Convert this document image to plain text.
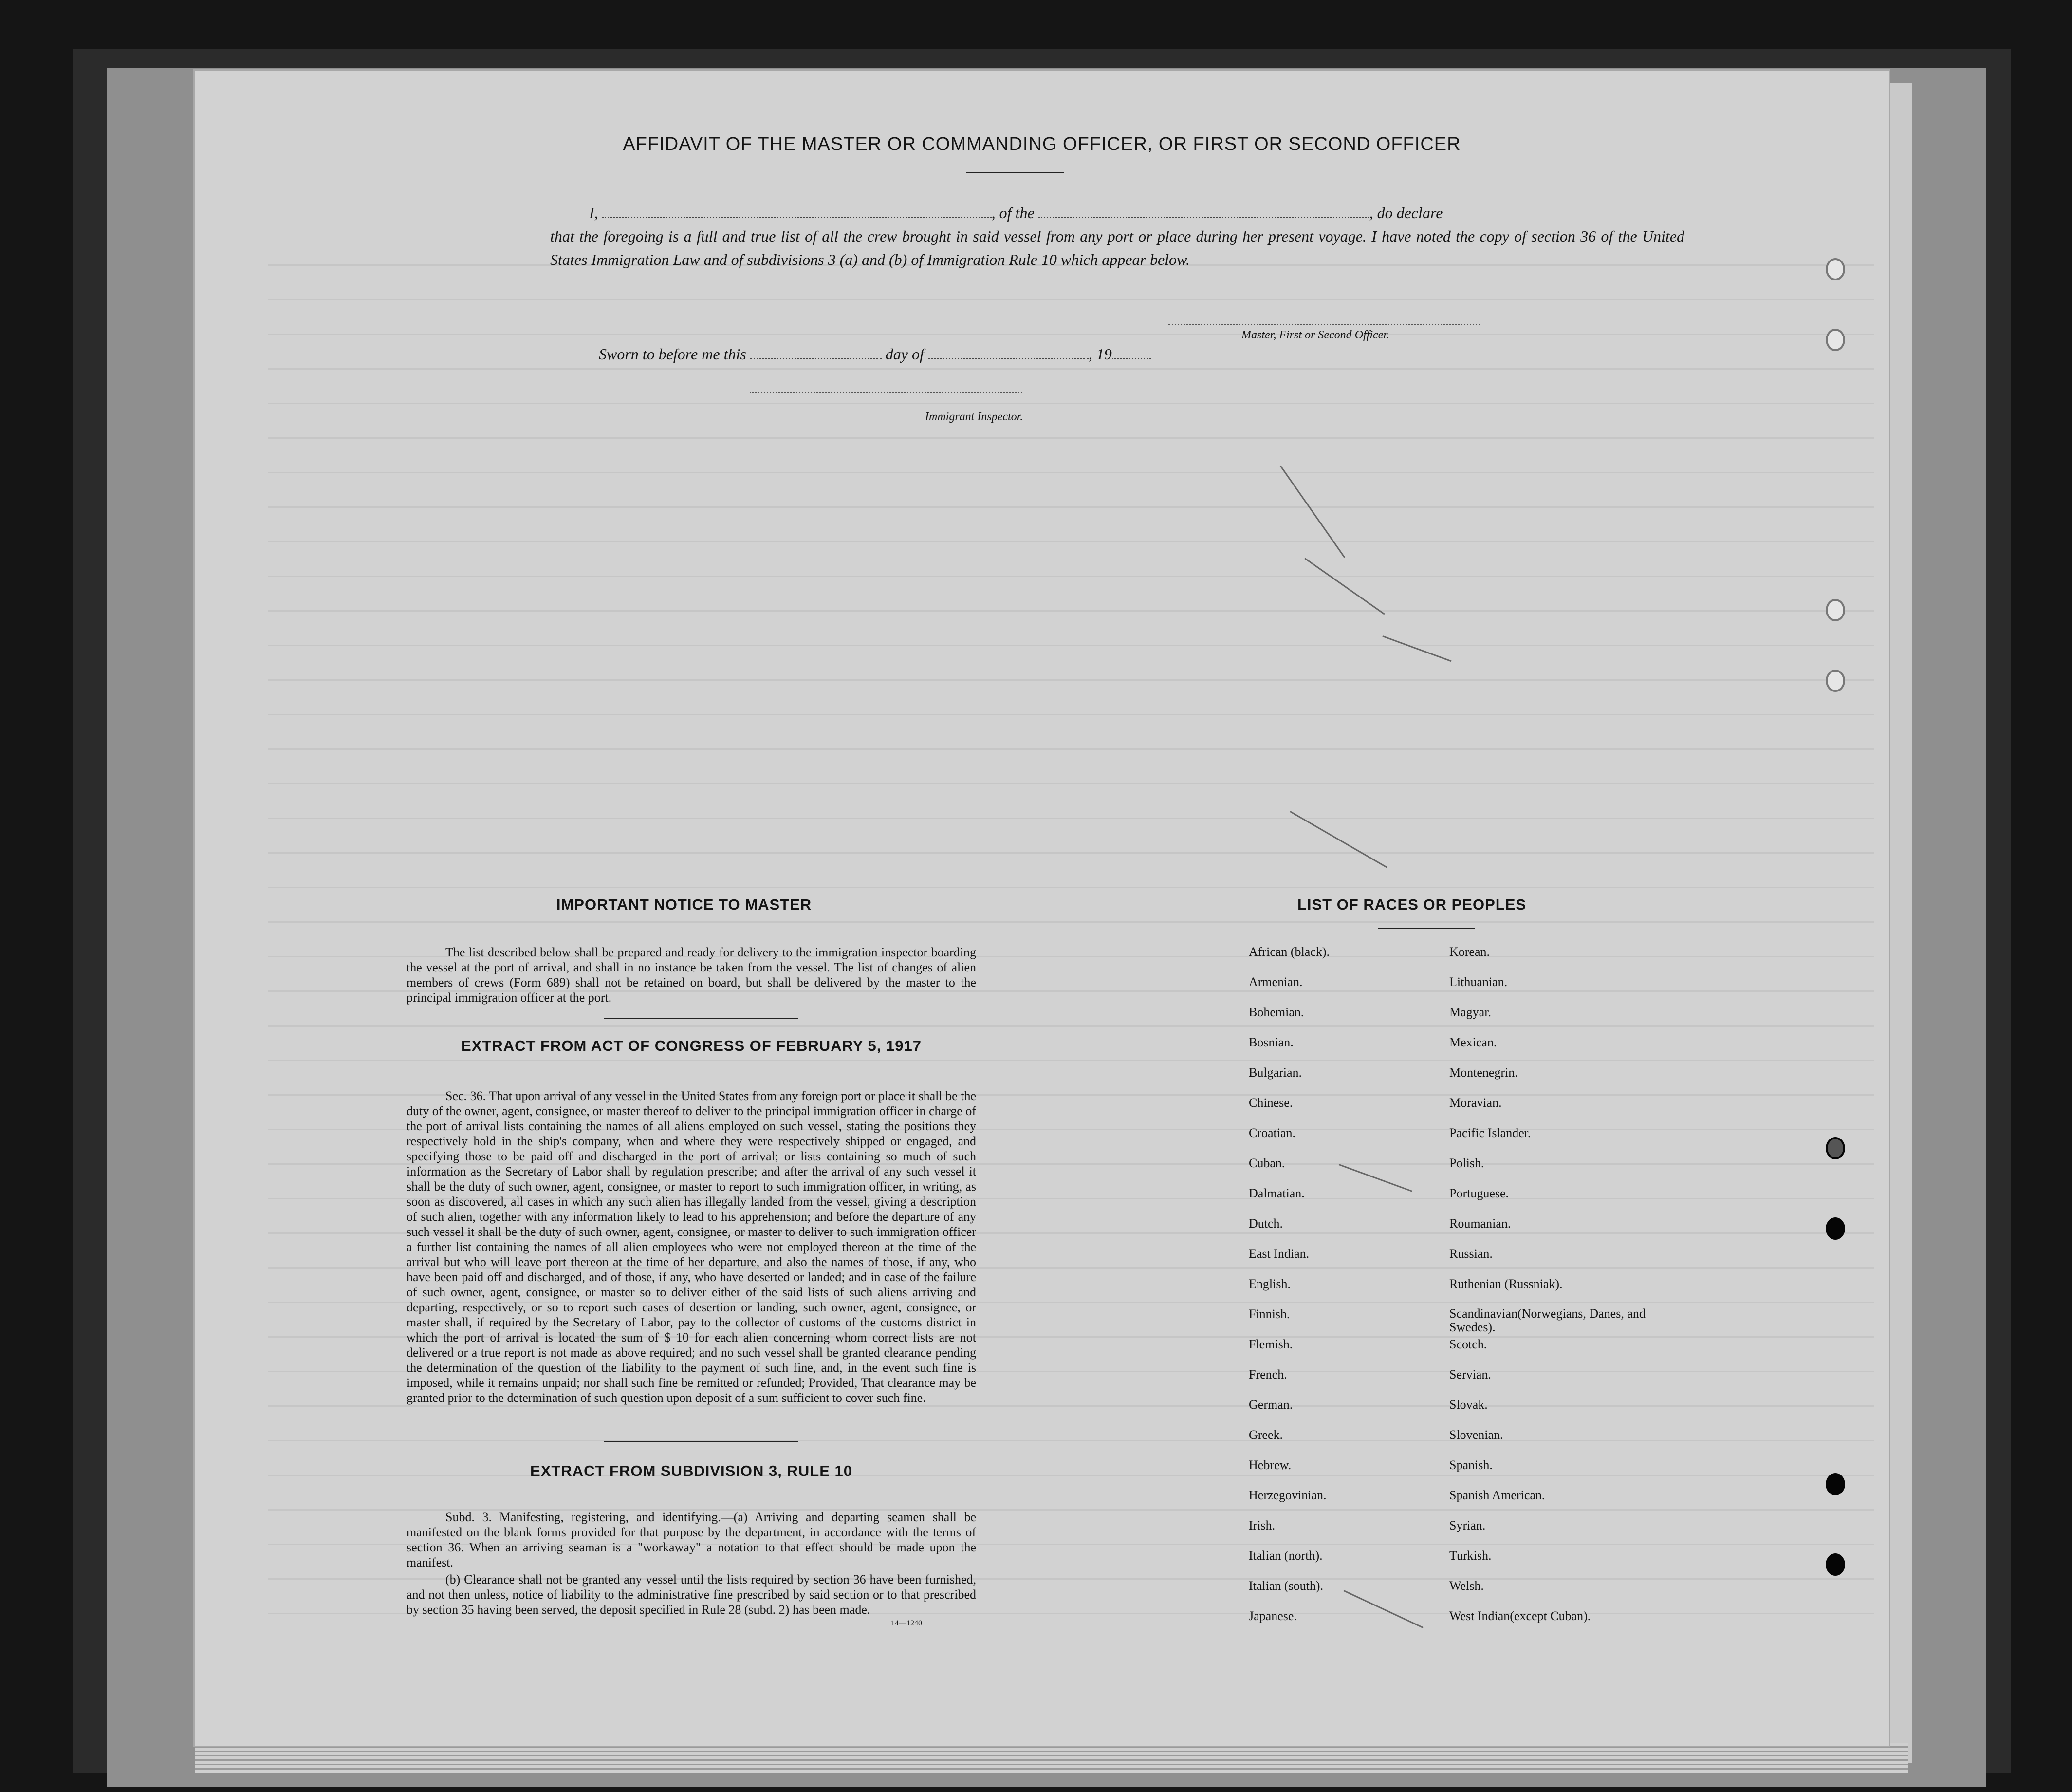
AFFIDAVIT OF THE MASTER OR COMMANDING OFFICER, OR FIRST OR SECOND OFFICER
I,	, of the	, do declare
that the foregoing is a full and true list of all the crew brought in said vessel from any port or place during her present voyage. I have noted the copy of section 36 of the United States Immigration Law and of subdivisions 3 (a) and (b) of Immigration Rule 10 which appear below.
Master, First or Second Officer.
Sworn to before me this	day of	, 19
Immigrant Inspector.
IMPORTANT NOTICE TO MASTER
The list described below shall be prepared and ready for delivery to the immigration inspector boarding the vessel at the port of arrival, and shall in no instance be taken from the vessel. The list of changes of alien members of crews (Form 689) shall not be retained on board, but shall be delivered by the master to the principal immigration officer at the port.
EXTRACT FROM ACT OF CONGRESS OF FEBRUARY 5, 1917
Sec. 36. That upon arrival of any vessel in the United States from any foreign port or place it shall be the duty of the owner, agent, consignee, or master thereof to deliver to the principal immigration officer in charge of the port of arrival lists containing the names of all aliens employed on such vessel, stating the positions they respectively hold in the ship's company, when and where they were respectively shipped or engaged, and specifying those to be paid off and discharged in the port of arrival; or lists containing so much of such information as the Secretary of Labor shall by regulation prescribe; and after the arrival of any such vessel it shall be the duty of such owner, agent, consignee, or master to report to such immigration officer, in writing, as soon as discovered, all cases in which any such alien has illegally landed from the vessel, giving a description of such alien, together with any information likely to lead to his apprehension; and before the departure of any such vessel it shall be the duty of such owner, agent, consignee, or master to deliver to such immigration officer a further list containing the names of all alien employees who were not employed thereon at the time of the arrival but who will leave port thereon at the time of her departure, and also the names of those, if any, who have been paid off and discharged, and of those, if any, who have deserted or landed; and in case of the failure of such owner, agent, consignee, or master so to deliver either of the said lists of such aliens arriving and departing, respectively, or so to report such cases of desertion or landing, such owner, agent, consignee, or master shall, if required by the Secretary of Labor, pay to the collector of customs of the customs district in which the port of arrival is located the sum of $ 10 for each alien concerning whom correct lists are not delivered or a true report is not made as above required; and no such vessel shall be granted clearance pending the determination of the question of the liability to the payment of such fine, and, in the event such fine is imposed, while it remains unpaid; nor shall such fine be remitted or refunded; Provided, That clearance may be granted prior to the determination of such question upon deposit of a sum sufficient to cover such fine.
EXTRACT FROM SUBDIVISION 3, RULE 10
Subd. 3. Manifesting, registering, and identifying.—(a) Arriving and departing seamen shall be manifested on the blank forms provided for that purpose by the department, in accordance with the terms of section 36. When an arriving seaman is a "workaway" a notation to that effect should be made upon the manifest.
(b) Clearance shall not be granted any vessel until the lists required by section 36 have been furnished, and not then unless, notice of liability to the administrative fine prescribed by said section or to that prescribed by section 35 having been served, the deposit specified in Rule 28 (subd. 2) has been made.
14—1240
LIST OF RACES OR PEOPLES
African (black).
Armenian.
Bohemian.
Bosnian.
Bulgarian.
Chinese.
Croatian.
Cuban.
Dalmatian.
Dutch.
East Indian.
English.
Finnish.
Flemish.
French.
German.
Greek.
Hebrew.
Herzegovinian.
Irish.
Italian (north).
Italian (south).
Japanese.
Korean.
Lithuanian.
Magyar.
Mexican.
Montenegrin.
Moravian.
Pacific Islander.
Polish.
Portuguese.
Roumanian.
Russian.
Ruthenian (Russniak).
Scandinavian(Norwegians, Danes, and Swedes).
Scotch.
Servian.
Slovak.
Slovenian.
Spanish.
Spanish American.
Syrian.
Turkish.
Welsh.
West Indian(except Cuban).
